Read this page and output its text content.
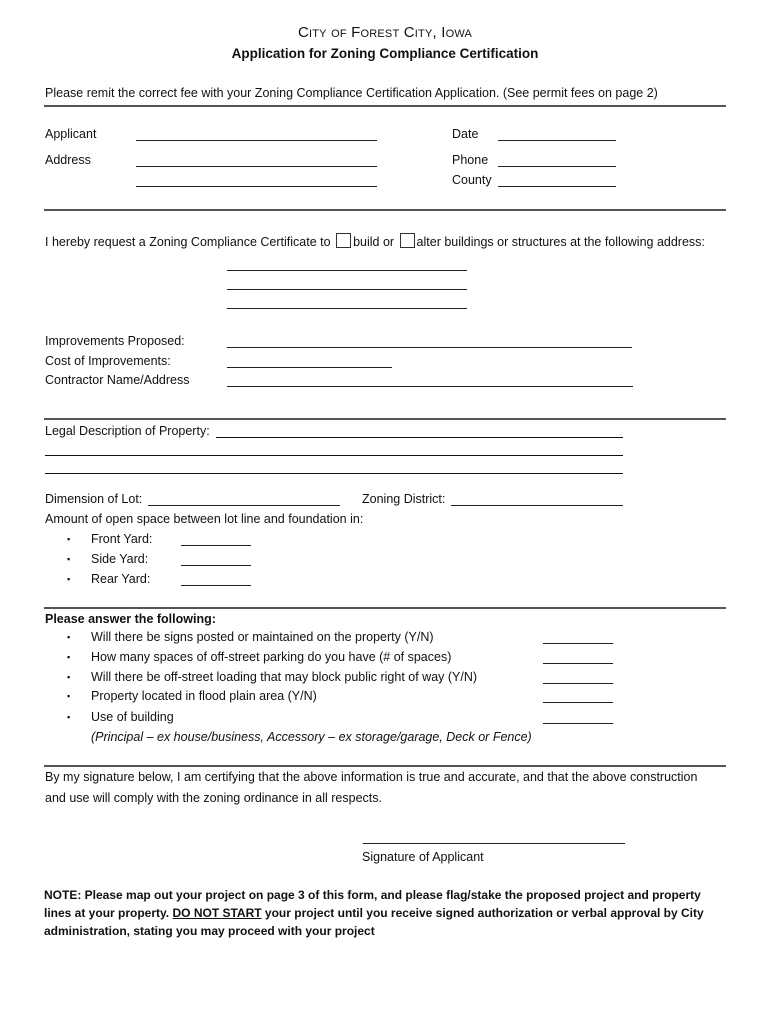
City of Forest City, Iowa
Application for Zoning Compliance Certification
Please remit the correct fee with your Zoning Compliance Certification Application. (See permit fees on page 2)
Applicant	Date
Address	Phone
County
I hereby request a Zoning Compliance Certificate to build or alter buildings or structures at the following address:
Improvements Proposed:
Cost of Improvements:
Contractor Name/Address
Legal Description of Property:
Dimension of Lot:	Zoning District:
Amount of open space between lot line and foundation in:
▪ Front Yard:
▪ Side Yard:
▪ Rear Yard:
Please answer the following:
▪ Will there be signs posted or maintained on the property (Y/N)
▪ How many spaces of off-street parking do you have (# of spaces)
▪ Will there be off-street loading that may block public right of way (Y/N)
▪ Property located in flood plain area (Y/N)
▪ Use of building
(Principal – ex house/business, Accessory – ex storage/garage, Deck or Fence)
By my signature below, I am certifying that the above information is true and accurate, and that the above construction
and use will comply with the zoning ordinance in all respects.
Signature of Applicant
NOTE: Please map out your project on page 3 of this form, and please flag/stake the proposed project and property lines at your property. DO NOT START your project until you receive signed authorization or verbal approval by City administration, stating you may proceed with your project
